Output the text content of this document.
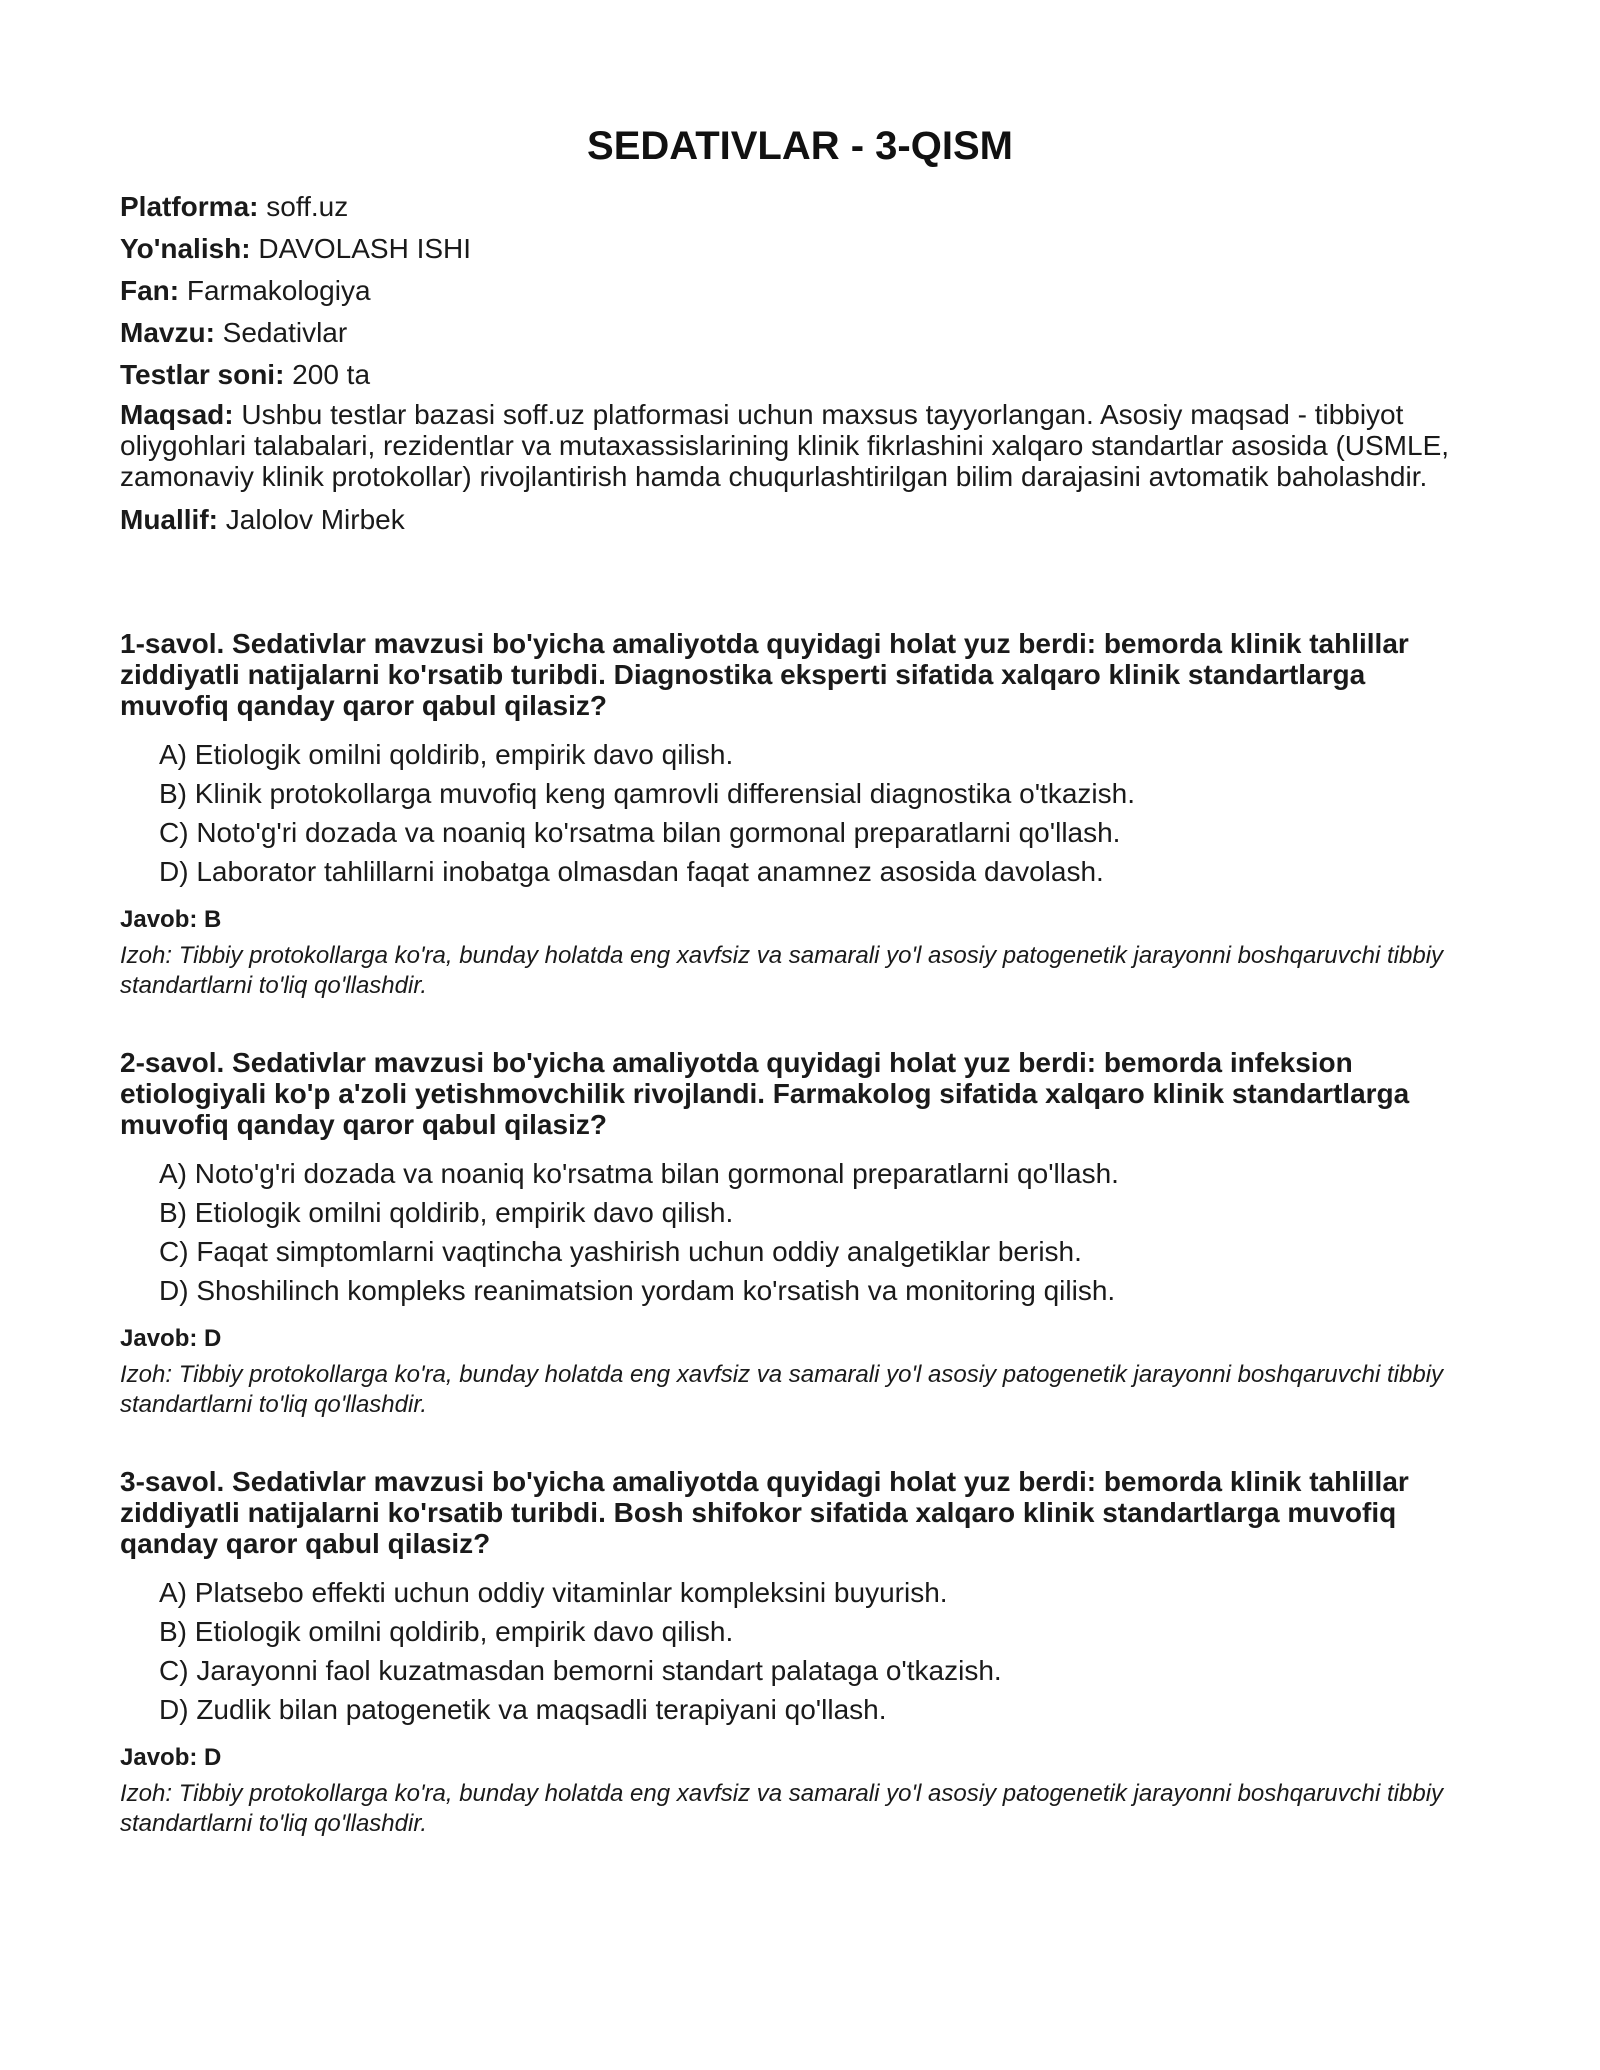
SEDATIVLAR - 3-QISM

Platforma: soff.uz

Yo'nalish: DAVOLASH ISHI

Fan: Farmakologiya

Mavzu: Sedativlar

Testlar soni: 200 ta

Maqsad: Ushbu testlar bazasi soff.uz platformasi uchun maxsus tayyorlangan. Asosiy maqsad - tibbiyot oliygohlari talabalari, rezidentlar va mutaxassislarining klinik fikrlashini xalqaro standartlar asosida (USMLE, zamonaviy klinik protokollar) rivojlantirish hamda chuqurlashtirilgan bilim darajasini avtomatik baholashdir.

Muallif: Jalolov Mirbek

1-savol. Sedativlar mavzusi bo'yicha amaliyotda quyidagi holat yuz berdi: bemorda klinik tahlillar ziddiyatli natijalarni ko'rsatib turibdi. Diagnostika eksperti sifatida xalqaro klinik standartlarga muvofiq qanday qaror qabul qilasiz?
A) Etiologik omilni qoldirib, empirik davo qilish.
B) Klinik protokollarga muvofiq keng qamrovli differensial diagnostika o'tkazish.
C) Noto'g'ri dozada va noaniq ko'rsatma bilan gormonal preparatlarni qo'llash.
D) Laborator tahlillarni inobatga olmasdan faqat anamnez asosida davolash.
Javob: B
Izoh: Tibbiy protokollarga ko'ra, bunday holatda eng xavfsiz va samarali yo'l asosiy patogenetik jarayonni boshqaruvchi tibbiy standartlarni to'liq qo'llashdir.
2-savol. Sedativlar mavzusi bo'yicha amaliyotda quyidagi holat yuz berdi: bemorda infeksion etiologiyali ko'p a'zoli yetishmovchilik rivojlandi. Farmakolog sifatida xalqaro klinik standartlarga muvofiq qanday qaror qabul qilasiz?
A) Noto'g'ri dozada va noaniq ko'rsatma bilan gormonal preparatlarni qo'llash.
B) Etiologik omilni qoldirib, empirik davo qilish.
C) Faqat simptomlarni vaqtincha yashirish uchun oddiy analgetiklar berish.
D) Shoshilinch kompleks reanimatsion yordam ko'rsatish va monitoring qilish.
Javob: D
Izoh: Tibbiy protokollarga ko'ra, bunday holatda eng xavfsiz va samarali yo'l asosiy patogenetik jarayonni boshqaruvchi tibbiy standartlarni to'liq qo'llashdir.
3-savol. Sedativlar mavzusi bo'yicha amaliyotda quyidagi holat yuz berdi: bemorda klinik tahlillar ziddiyatli natijalarni ko'rsatib turibdi. Bosh shifokor sifatida xalqaro klinik standartlarga muvofiq qanday qaror qabul qilasiz?
A) Platsebo effekti uchun oddiy vitaminlar kompleksini buyurish.
B) Etiologik omilni qoldirib, empirik davo qilish.
C) Jarayonni faol kuzatmasdan bemorni standart palataga o'tkazish.
D) Zudlik bilan patogenetik va maqsadli terapiyani qo'llash.
Javob: D
Izoh: Tibbiy protokollarga ko'ra, bunday holatda eng xavfsiz va samarali yo'l asosiy patogenetik jarayonni boshqaruvchi tibbiy standartlarni to'liq qo'llashdir.
